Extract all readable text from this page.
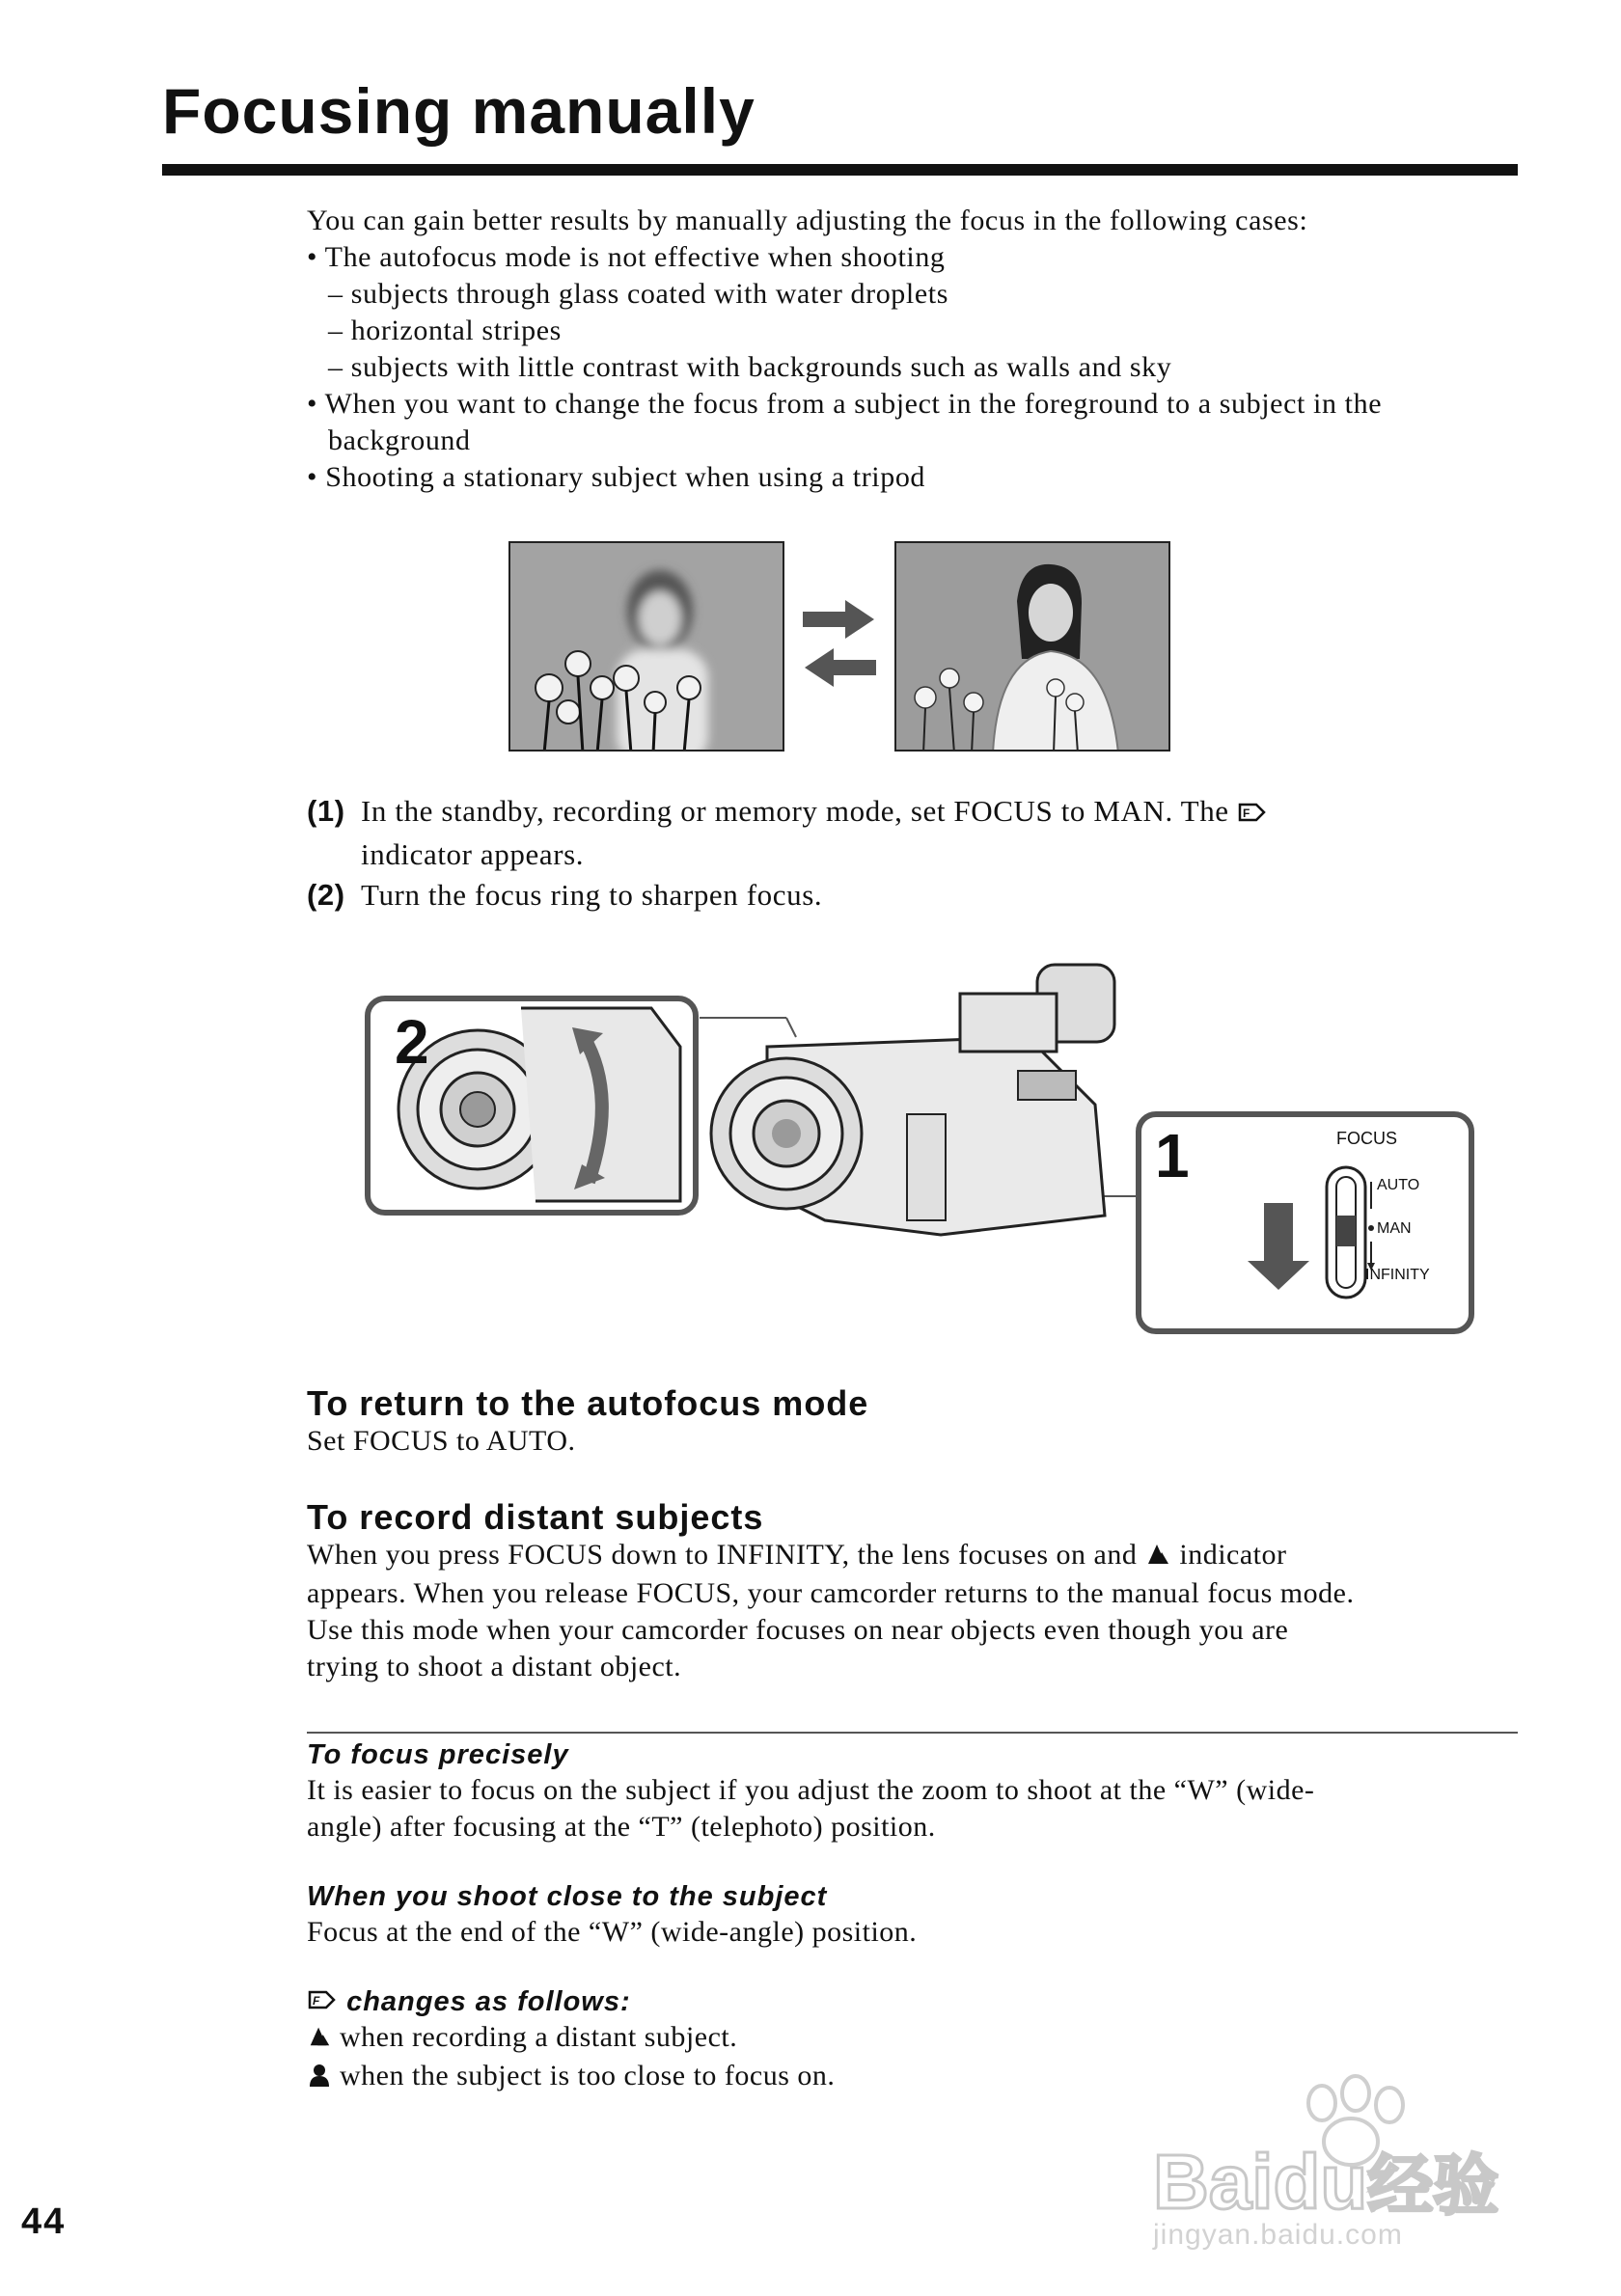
Focusing manually

You can gain better results by manually adjusting the focus in the following cases:

• The autofocus mode is not effective when shooting

– subjects through glass coated with water droplets

– horizontal stripes

– subjects with little contrast with backgrounds such as walls and sky

• When you want to change the focus from a subject in the foreground to a subject in the

background

• Shooting a stationary subject when using a tripod

(1) In the standby, recording or memory mode, set FOCUS to MAN. The F

indicator appears.
(2) Turn the focus ring to sharpen focus.
2
1	FOCUS
AUTO
MAN
INFINITY
To return to the autofocus mode

Set FOCUS to AUTO.

To record distant subjects

When you press FOCUS down to INFINITY, the lens focuses on and indicator

appears. When you release FOCUS, your camcorder returns to the manual focus mode.

Use this mode when your camcorder focuses on near objects even though you are

trying to shoot a distant object.

To focus precisely

It is easier to focus on the subject if you adjust the zoom to shoot at the “W” (wide-

angle) after focusing at the “T” (telephoto) position.

When you shoot close to the subject

Focus at the end of the “W” (wide-angle) position.

F changes as follows:

when recording a distant subject.

when the subject is too close to focus on.

44	Baidu经验
jingyan.baidu.com
